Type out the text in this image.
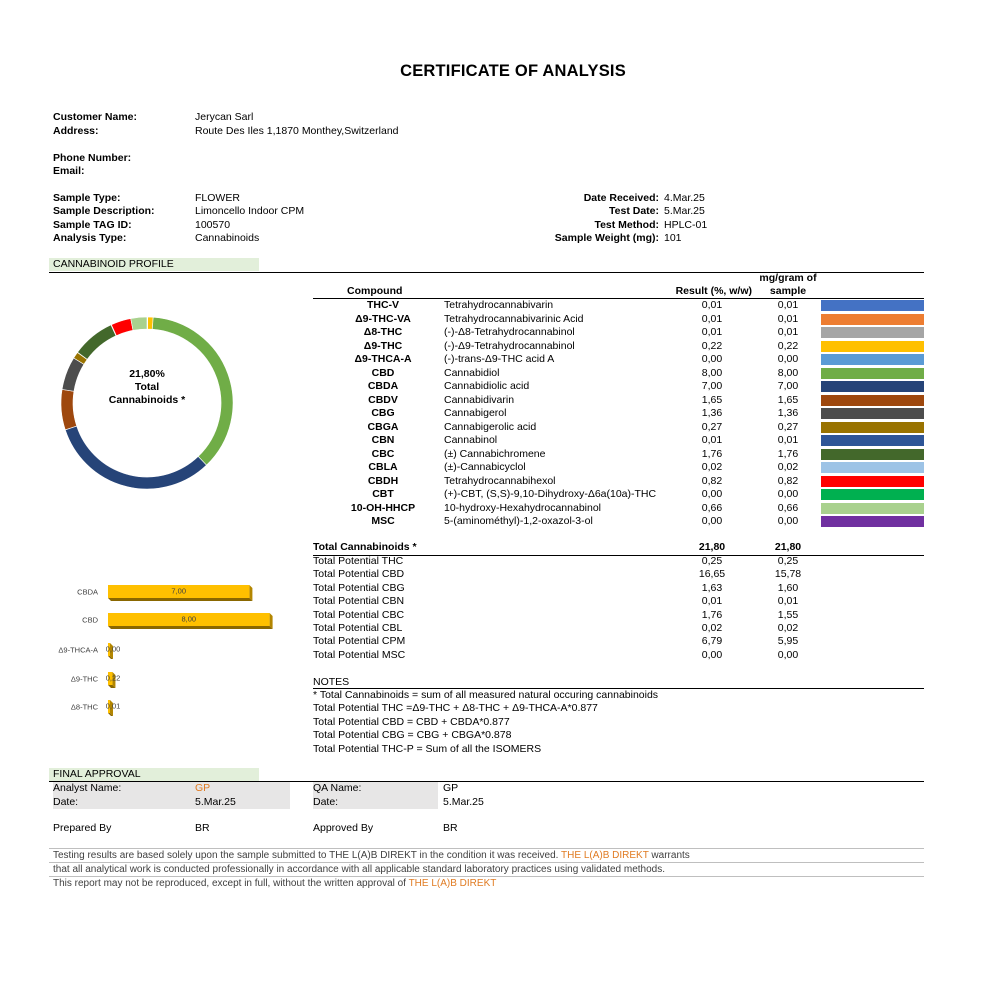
CERTIFICATE OF ANALYSIS
Customer Name:	Jerycan Sarl
Address:	Route Des Iles 1,1870 Monthey,Switzerland
Phone Number:
Email:
Sample Type:	FLOWER
Sample Description:	Limoncello Indoor CPM
Sample TAG ID:	100570
Analysis Type:	Cannabinoids
Date Received: 4.Mar.25
Test Date: 5.Mar.25
Test Method: HPLC-01
Sample Weight (mg): 101
CANNABINOID PROFILE
Compound	Result (%, w/w)
mg/gram of
sample
THC-V	Tetrahydrocannabivarin	0,01	0,01
Δ9-THC-VA	Tetrahydrocannabivarinic Acid	0,01	0,01
Δ8-THC	(-)-Δ8-Tetrahydrocannabinol	0,01	0,01
Δ9-THC	(-)-Δ9-Tetrahydrocannabinol	0,22	0,22
Δ9-THCA-A	(-)-trans-Δ9-THC acid A	0,00	0,00
CBD	Cannabidiol	8,00	8,00
CBDA	Cannabidiolic acid	7,00	7,00
CBDV	Cannabidivarin	1,65	1,65
CBG	Cannabigerol	1,36	1,36
CBGA	Cannabigerolic acid	0,27	0,27
CBN	Cannabinol	0,01	0,01
CBC	(±) Cannabichromene	1,76	1,76
CBLA	(±)-Cannabicyclol	0,02	0,02
CBDH	Tetrahydrocannabihexol	0,82	0,82
CBT	(+)-CBT, (S,S)-9,10-Dihydroxy-Δ6a(10a)-THC	0,00	0,00
10-OH-HHCP	10-hydroxy-Hexahydrocannabinol	0,66	0,66
MSC	5-(aminométhyl)-1,2-oxazol-3-ol	0,00	0,00
Total Cannabinoids *	21,80	21,80
Total Potential THC	0,25	0,25
Total Potential CBD	16,65	15,78
Total Potential CBG	1,63	1,60
Total Potential CBN	0,01	0,01
Total Potential CBC	1,76	1,55
Total Potential CBL	0,02	0,02
Total Potential CPM	6,79	5,95
Total Potential MSC	0,00	0,00
NOTES
* Total Cannabinoids = sum of all measured natural occuring cannabinoids
Total Potential THC =Δ9-THC + Δ8-THC + Δ9-THCA-A*0.877
Total Potential CBD = CBD + CBDA*0.877
Total Potential CBG = CBG + CBGA*0.878
Total Potential THC-P = Sum of all the ISOMERS
21,80%
Total
Cannabinoids *
CBDA	7,00
CBD	8,00
Δ9-THCA-A 0,00
Δ9-THC 0,22
Δ8-THC 0,01
FINAL APPROVAL
Analyst Name:	GP
Date:	5.Mar.25
QA Name:	GP
Date:	5.Mar.25
Prepared By	BR	Approved By	BR
Testing results are based solely upon the sample submitted to THE L(A)B DIREKT in the condition it was received. THE L(A)B DIREKT warrants
that all analytical work is conducted professionally in accordance with all applicable standard laboratory practices using validated methods.
This report may not be reproduced, except in full, without the written approval of THE L(A)B DIREKT
